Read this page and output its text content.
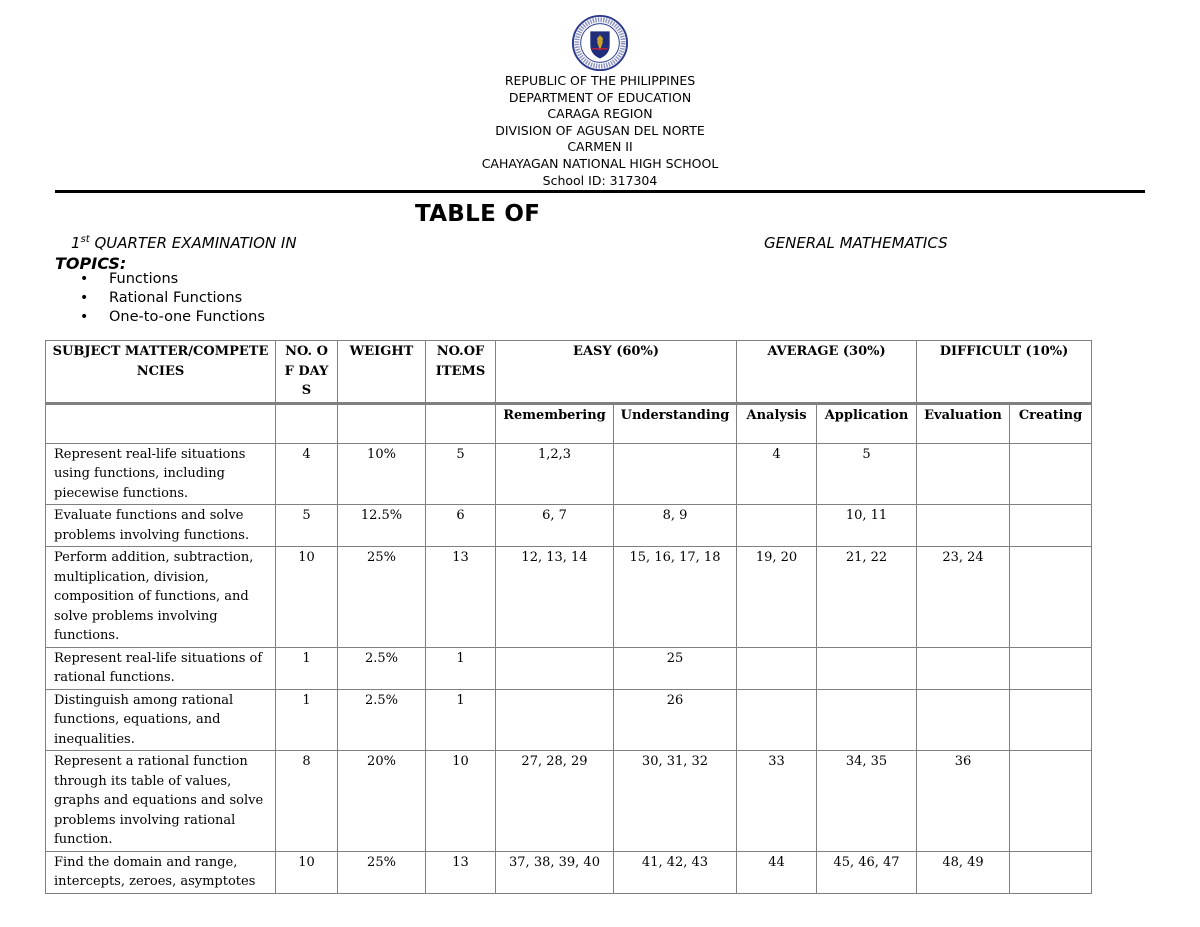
REPUBLIC OF THE PHILIPPINES
DEPARTMENT OF EDUCATION
CARAGA REGION
DIVISION OF AGUSAN DEL NORTE
CARMEN II
CAHAYAGAN NATIONAL HIGH SCHOOL
School ID: 317304
TABLE OF
1st QUARTER EXAMINATION IN	GENERAL MATHEMATICS
TOPICS:
• Functions
• Rational Functions
• One-to-one Functions
SUBJECT MATTER/COMPETENCIES	NO. OF DAYS	WEIGHT	NO.OF ITEMS	EASY (60%)		AVERAGE (30%)		DIFFICULT (10%)	
				Remembering	Understanding	Analysis	Application	Evaluation	Creating
Represent real-life situations using functions, including piecewise functions.	4	10%	5	1,2,3		4	5		
Evaluate functions and solve problems involving functions.	5	12.5%	6	6, 7	8, 9		10, 11		
Perform addition, subtraction, multiplication, division, composition of functions, and solve problems involving functions.	10	25%	13	12, 13, 14	15, 16, 17, 18	19, 20	21, 22	23, 24	
Represent real-life situations of rational functions.	1	2.5%	1		25				
Distinguish among rational functions, equations, and inequalities.	1	2.5%	1		26				
Represent a rational function through its table of values, graphs and equations and solve problems involving rational function.	8	20%	10	27, 28, 29	30, 31, 32	33	34, 35	36	
Find the domain and range, intercepts, zeroes, asymptotes	10	25%	13	37, 38, 39, 40	41, 42, 43	44	45, 46, 47	48, 49	
